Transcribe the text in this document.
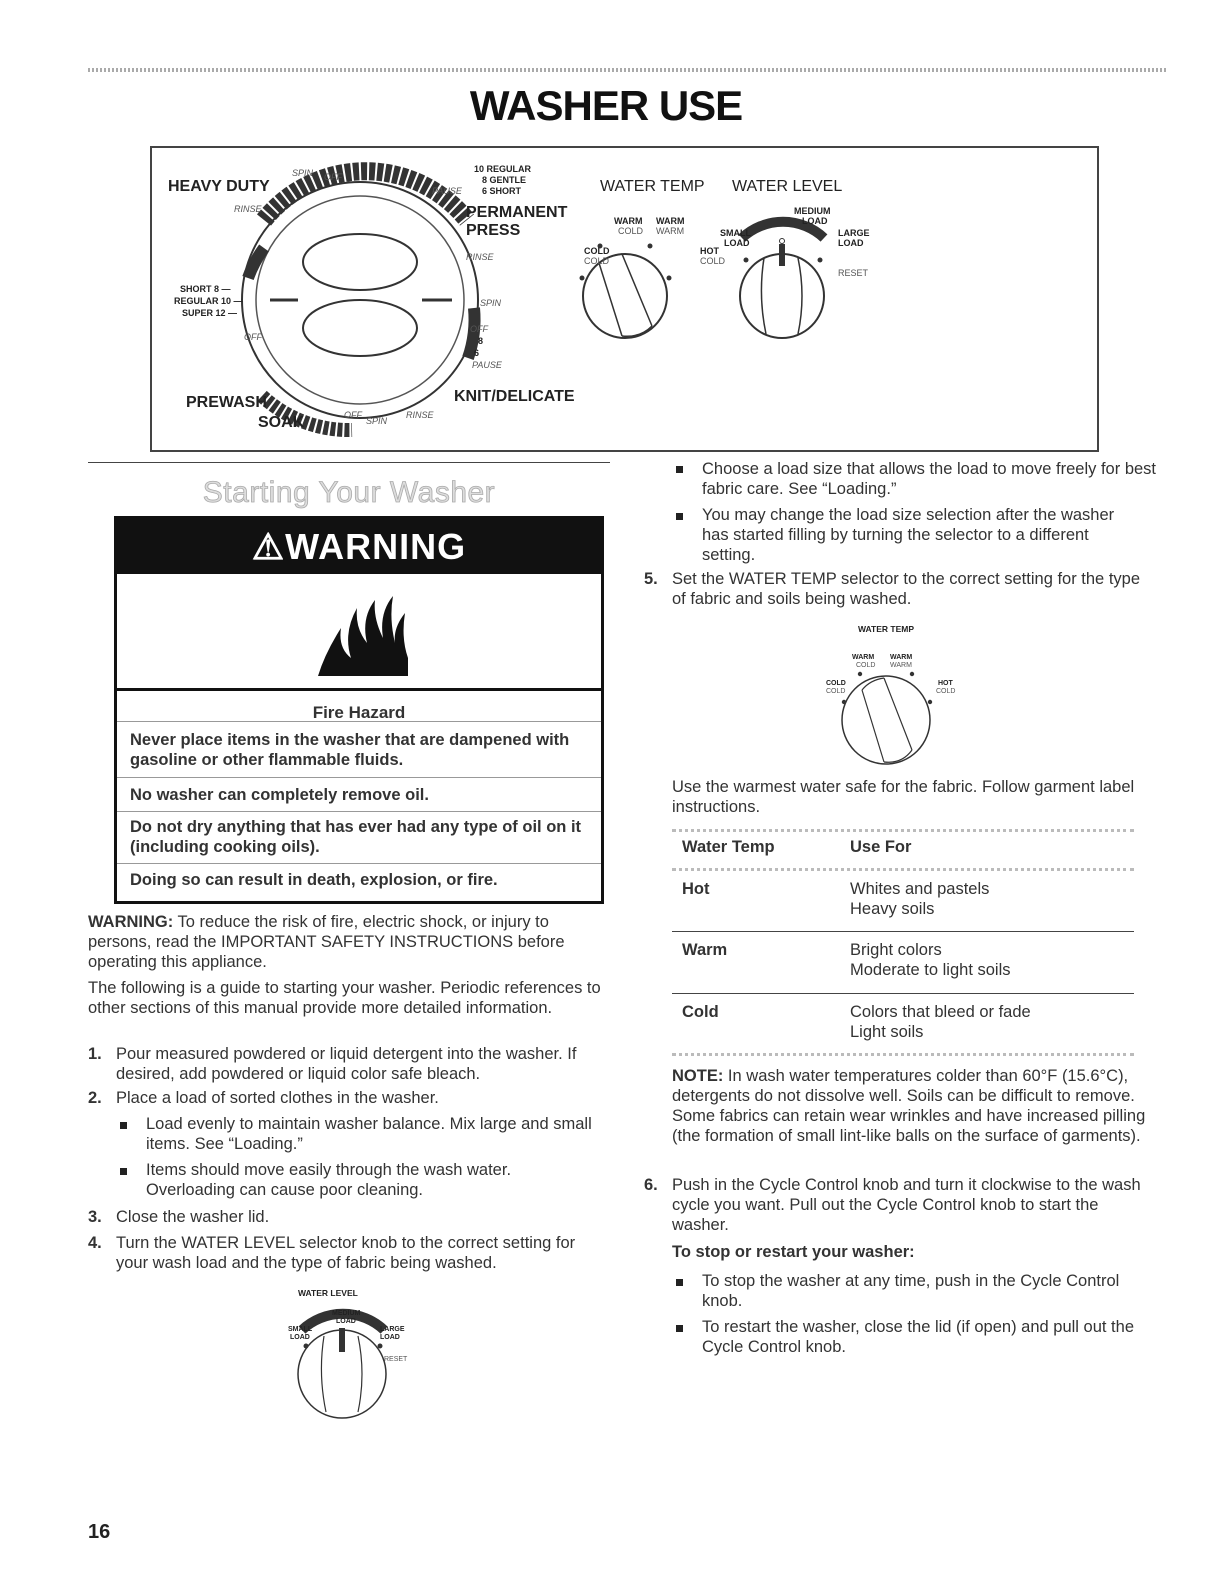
WASHER USE
HEAVY DUTY
SPIN OFF
10 REGULAR
8 GENTLE
6 SHORT
PAUSE
RINSE	PERMANENT
PRESS
RINSE
SHORT 8 —
REGULAR 10 —
SUPER 12 —
OFF
SPIN
OFF
8
6
PAUSE
PREWASH
SOAK	OFF
SPIN
RINSE
KNIT/DELICATE
WATER TEMP
WARM
COLD
WARM
WARM
COLD
COLD
HOT
COLD
WATER LEVEL
MEDIUM
LOAD
SMALL
LOAD
LARGE
LOAD
RESET
Starting Your Washer
⚠WARNING
Fire Hazard
Never place items in the washer that are dampened with gasoline or other flammable fluids.
No washer can completely remove oil.
Do not dry anything that has ever had any type of oil on it (including cooking oils).
Doing so can result in death, explosion, or fire.
WARNING: To reduce the risk of fire, electric shock, or injury to persons, read the IMPORTANT SAFETY INSTRUCTIONS before operating this appliance.
The following is a guide to starting your washer. Periodic references to other sections of this manual provide more detailed information.
1. Pour measured powdered or liquid detergent into the washer. If desired, add powdered or liquid color safe bleach.
2. Place a load of sorted clothes in the washer.
Load evenly to maintain washer balance. Mix large and small items. See “Loading.”
Items should move easily through the wash water. Overloading can cause poor cleaning.
3. Close the washer lid.
4. Turn the WATER LEVEL selector knob to the correct setting for your wash load and the type of fabric being washed.
WATER LEVEL
MEDIUM
LOAD
SMALL
LOAD
LARGE
LOAD
RESET
Choose a load size that allows the load to move freely for best fabric care. See “Loading.”
You may change the load size selection after the washer has started filling by turning the selector to a different setting.
5. Set the WATER TEMP selector to the correct setting for the type of fabric and soils being washed.
WATER TEMP
WARM
COLD
WARM
WARM
COLD
COLD
HOT
COLD
Use the warmest water safe for the fabric. Follow garment label instructions.
Water Temp	Use For
Hot	Whites and pastels
Heavy soils
Warm	Bright colors
Moderate to light soils
Cold	Colors that bleed or fade
Light soils
NOTE: In wash water temperatures colder than 60°F (15.6°C), detergents do not dissolve well. Soils can be difficult to remove. Some fabrics can retain wear wrinkles and have increased pilling (the formation of small lint-like balls on the surface of garments).
6. Push in the Cycle Control knob and turn it clockwise to the wash cycle you want. Pull out the Cycle Control knob to start the washer.
To stop or restart your washer:
To stop the washer at any time, push in the Cycle Control knob.
To restart the washer, close the lid (if open) and pull out the Cycle Control knob.
16
